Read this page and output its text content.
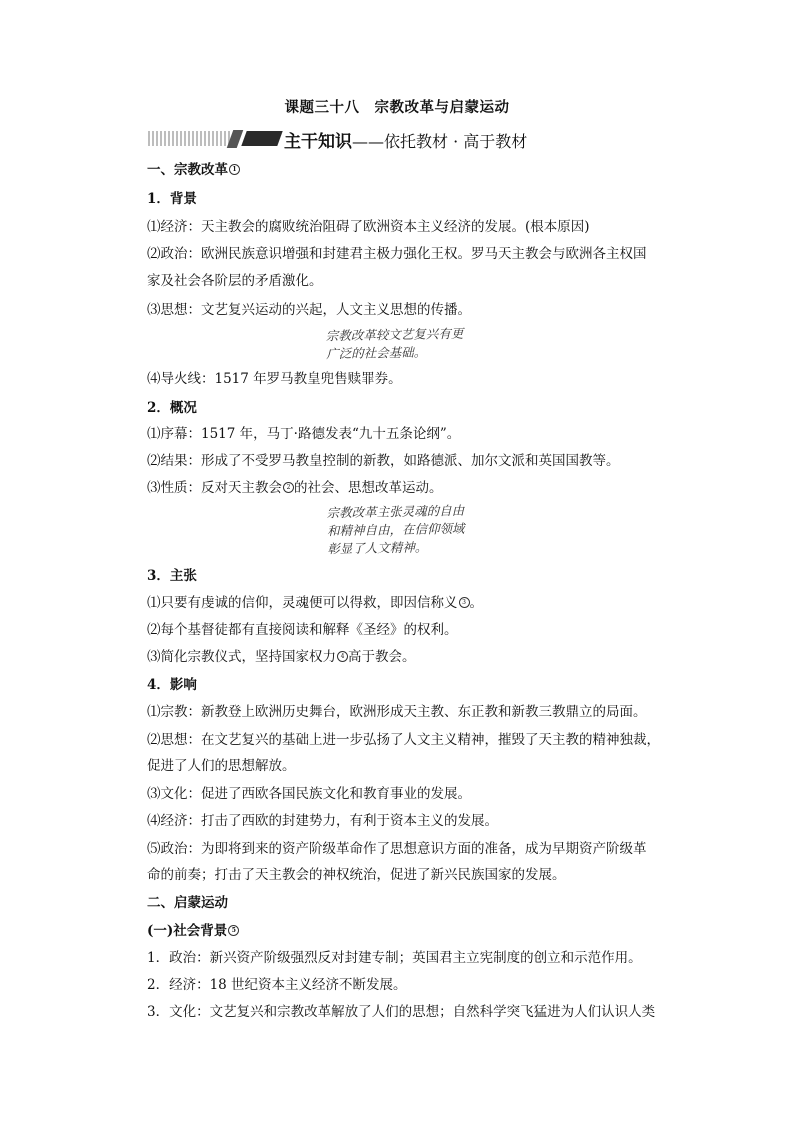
课题三十八　宗教改革与启蒙运动
主干知识——依托教材 · 高于教材
一、宗教改革 1
1．背景
⑴经济：天主教会的腐败统治阻碍了欧洲资本主义经济的发展。(根本原因)
⑵政治：欧洲民族意识增强和封建君主极力强化王权。罗马天主教会与欧洲各主权国
家及社会各阶层的矛盾激化。
⑶思想：文艺复兴运动的兴起，人文主义思想的传播。
宗教改革较文艺复兴有更
广泛的社会基础。
⑷导火线：1517 年罗马教皇兜售赎罪券。
2．概况
⑴序幕：1517 年，马丁·路德发表“九十五条论纲”。
⑵结果：形成了不受罗马教皇控制的新教，如路德派、加尔文派和英国国教等。
⑶性质：反对天主教会 2 的社会、思想改革运动。
宗教改革主张灵魂的自由
和精神自由，在信仰领域
彰显了人文精神。
3．主张
⑴只要有虔诚的信仰，灵魂便可以得救，即因信称义 3 。
⑵每个基督徒都有直接阅读和解释《圣经》的权利。
⑶简化宗教仪式，坚持国家权力 4 高于教会。
4．影响
⑴宗教：新教登上欧洲历史舞台，欧洲形成天主教、东正教和新教三教鼎立的局面。
⑵思想：在文艺复兴的基础上进一步弘扬了人文主义精神，摧毁了天主教的精神独裁，
促进了人们的思想解放。
⑶文化：促进了西欧各国民族文化和教育事业的发展。
⑷经济：打击了西欧的封建势力，有利于资本主义的发展。
⑸政治：为即将到来的资产阶级革命作了思想意识方面的准备，成为早期资产阶级革
命的前奏；打击了天主教会的神权统治，促进了新兴民族国家的发展。
二、启蒙运动
(一)社会背景 5
1．政治：新兴资产阶级强烈反对封建专制；英国君主立宪制度的创立和示范作用。
2．经济：18 世纪资本主义经济不断发展。
3．文化：文艺复兴和宗教改革解放了人们的思想；自然科学突飞猛进为人们认识人类
